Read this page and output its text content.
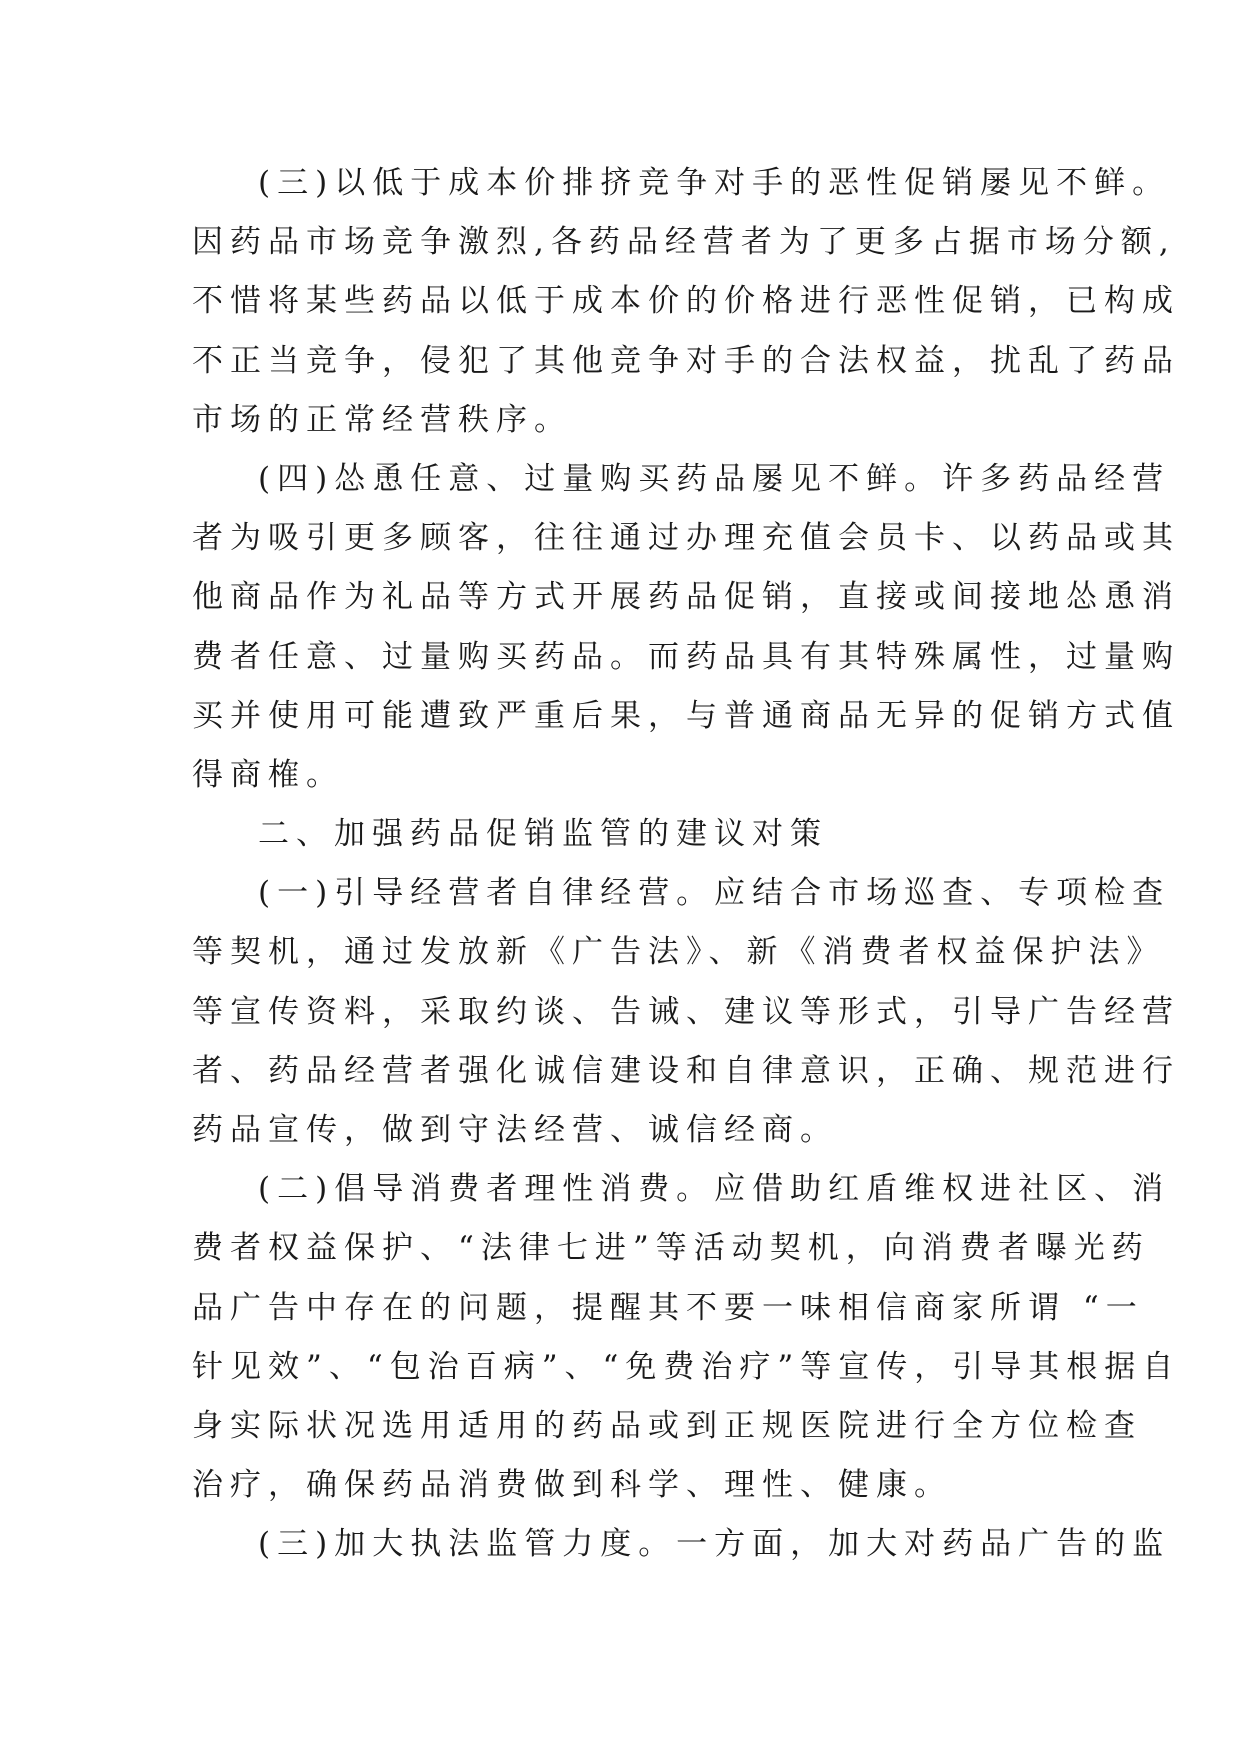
(三)以低于成本价排挤竞争对手的恶性促销屡见不鲜。
因药品市场竞争激烈,各药品经营者为了更多占据市场分额,
不惜将某些药品以低于成本价的价格进行恶性促销，已构成
不正当竞争，侵犯了其他竞争对手的合法权益，扰乱了药品
市场的正常经营秩序。
(四)怂恿任意、过量购买药品屡见不鲜。许多药品经营
者为吸引更多顾客，往往通过办理充值会员卡、以药品或其
他商品作为礼品等方式开展药品促销，直接或间接地怂恿消
费者任意、过量购买药品。而药品具有其特殊属性，过量购
买并使用可能遭致严重后果，与普通商品无异的促销方式值
得商榷。
二、加强药品促销监管的建议对策
(一)引导经营者自律经营。应结合市场巡查、专项检查
等契机，通过发放新《广告法》、新《消费者权益保护法》
等宣传资料，采取约谈、告诫、建议等形式，引导广告经营
者、药品经营者强化诚信建设和自律意识，正确、规范进行
药品宣传，做到守法经营、诚信经商。
(二)倡导消费者理性消费。应借助红盾维权进社区、消
费者权益保护、“法律七进”等活动契机，向消费者曝光药
品广告中存在的问题，提醒其不要一味相信商家所谓 “一
针见效”、“包治百病”、“免费治疗”等宣传，引导其根据自
身实际状况选用适用的药品或到正规医院进行全方位检查
治疗，确保药品消费做到科学、理性、健康。
(三)加大执法监管力度。一方面，加大对药品广告的监
